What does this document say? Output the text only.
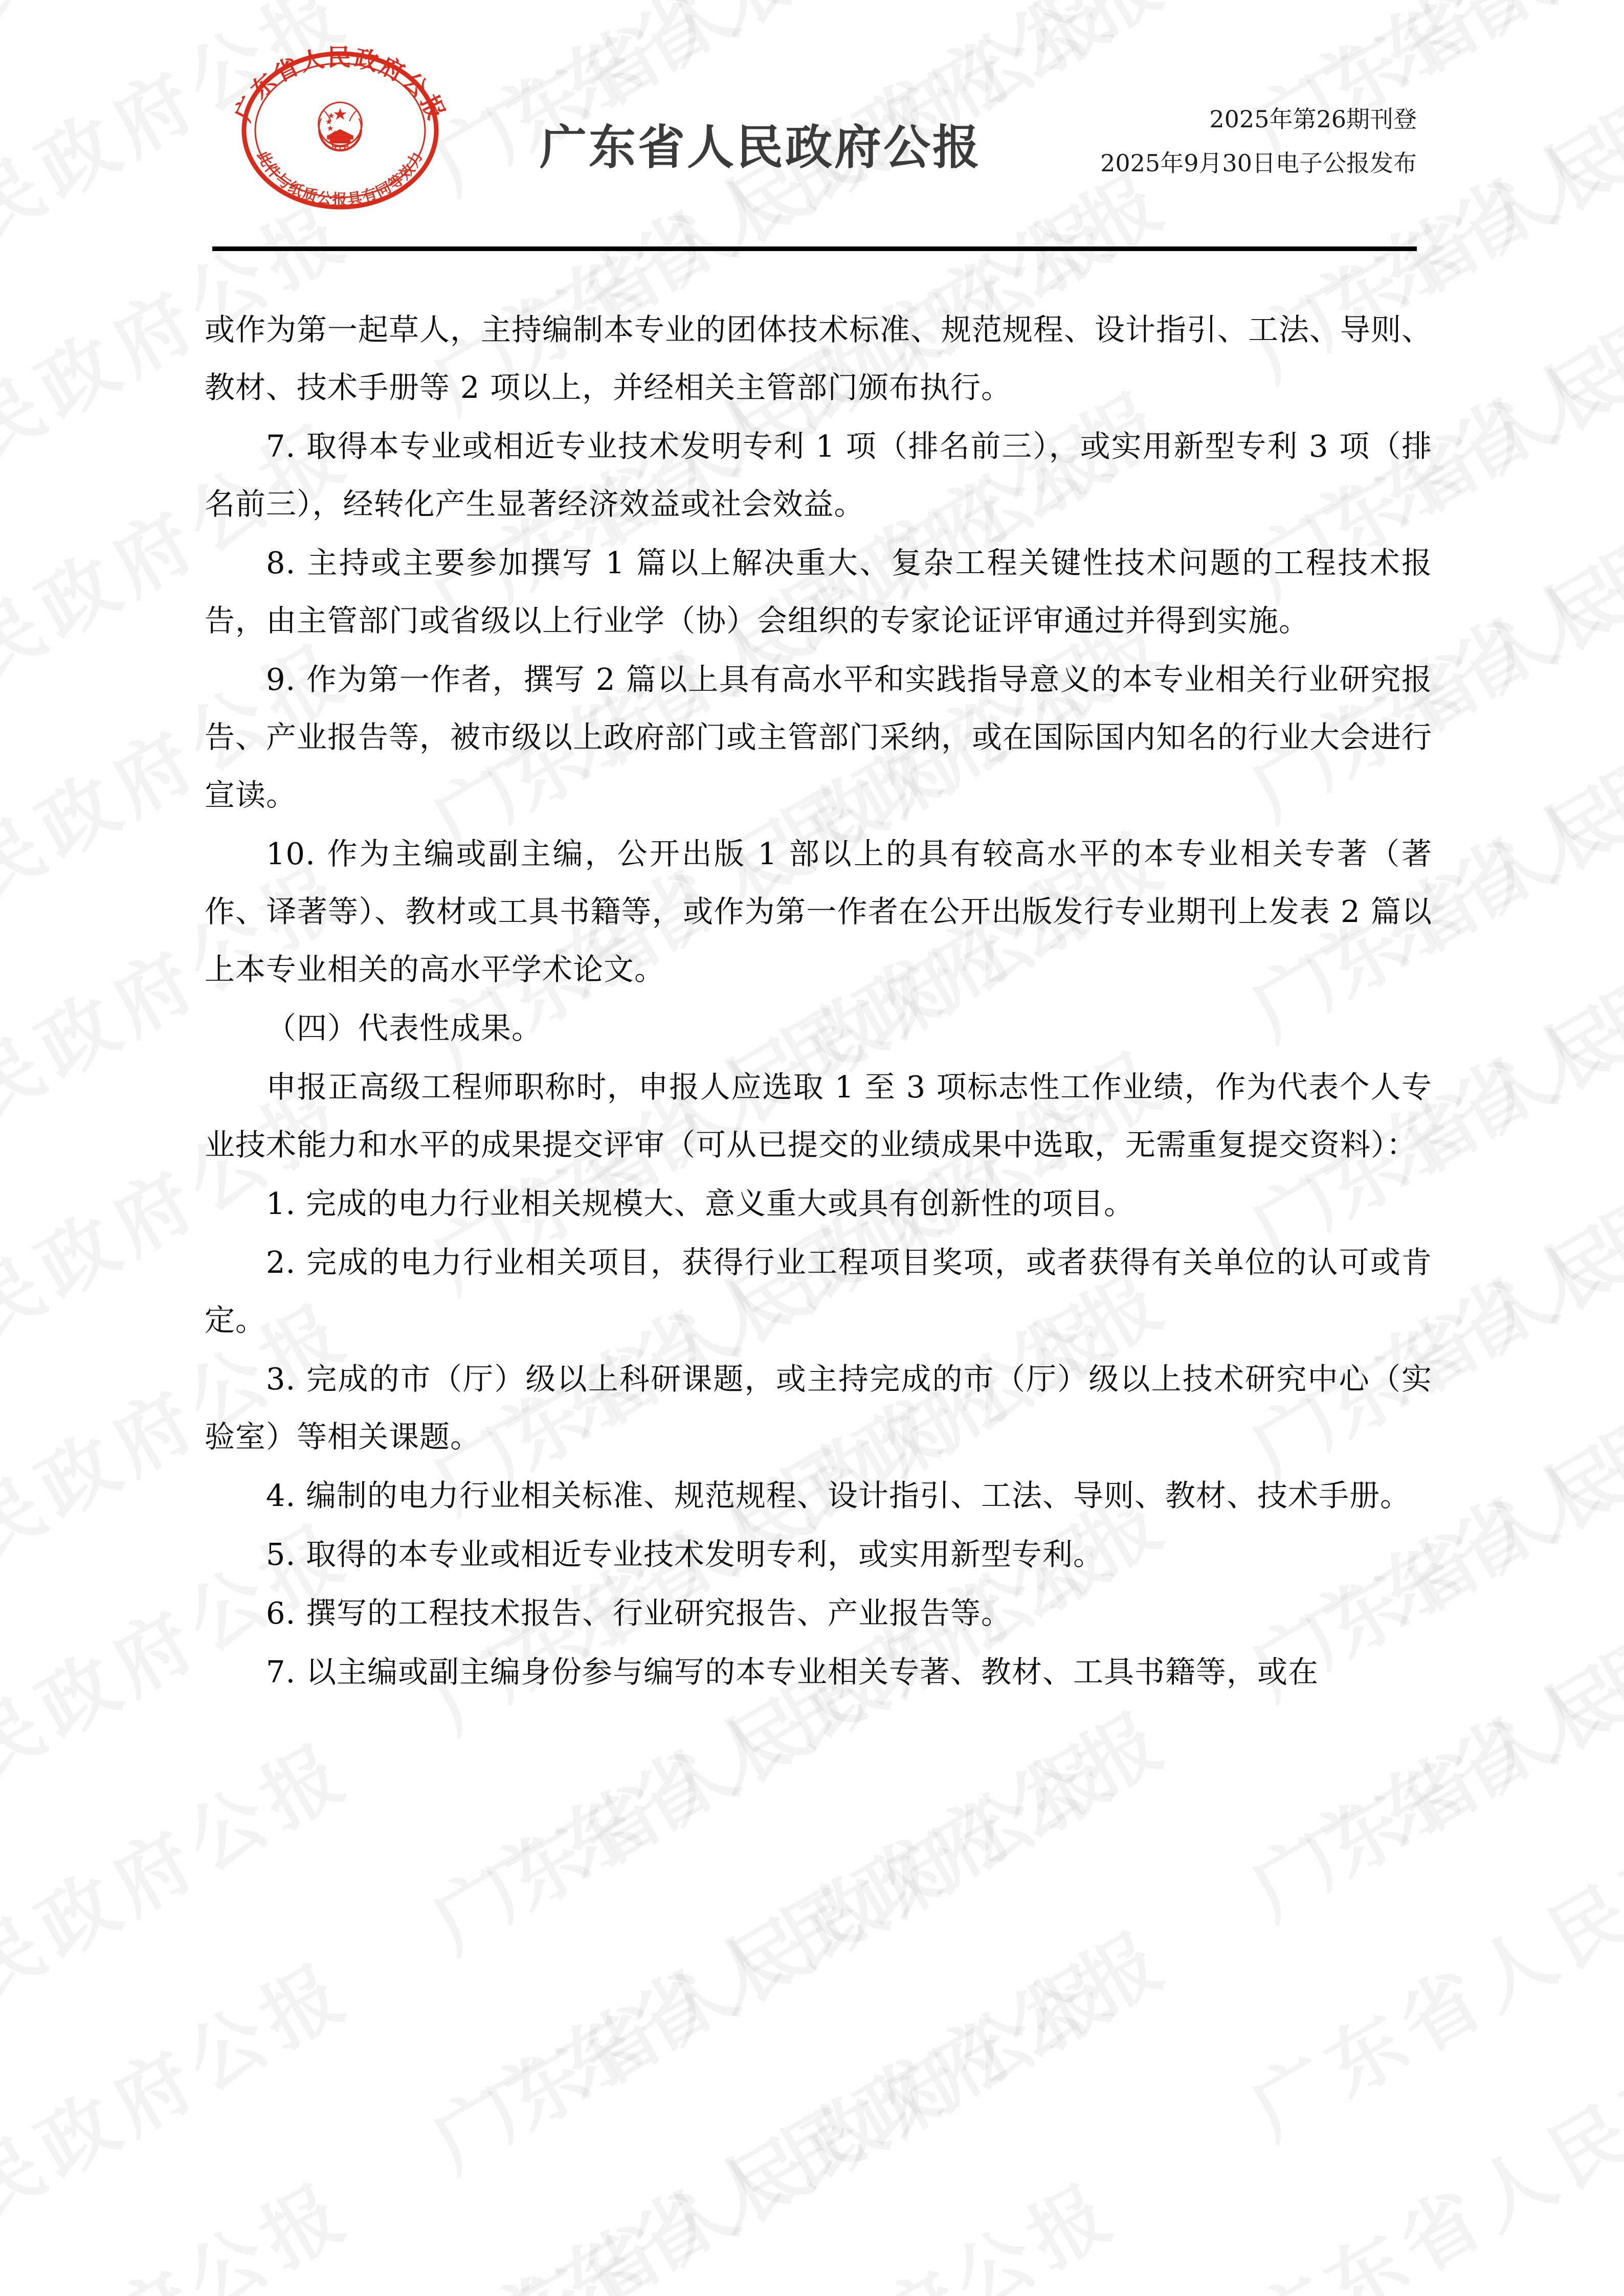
广东省人民政府公报
此件与纸质公报具有同等效力 广东省人民政府公报
2025年第26期刊登
2025年9月30日电子公报发布

或作为第一起草人，主持编制本专业的团体技术标准、规范规程、设计指引、工法、导则、教材、技术手册等 2 项以上，并经相关主管部门颁布执行。

7. 取得本专业或相近专业技术发明专利 1 项（排名前三），或实用新型专利 3 项（排名前三），经转化产生显著经济效益或社会效益。

8. 主持或主要参加撰写 1 篇以上解决重大、复杂工程关键性技术问题的工程技术报告，由主管部门或省级以上行业学（协）会组织的专家论证评审通过并得到实施。

9. 作为第一作者，撰写 2 篇以上具有高水平和实践指导意义的本专业相关行业研究报告、产业报告等，被市级以上政府部门或主管部门采纳，或在国际国内知名的行业大会进行宣读。

10. 作为主编或副主编，公开出版 1 部以上的具有较高水平的本专业相关专著（著作、译著等）、教材或工具书籍等，或作为第一作者在公开出版发行专业期刊上发表 2 篇以上本专业相关的高水平学术论文。

（四）代表性成果。

申报正高级工程师职称时，申报人应选取 1 至 3 项标志性工作业绩，作为代表个人专业技术能力和水平的成果提交评审（可从已提交的业绩成果中选取，无需重复提交资料）：

1. 完成的电力行业相关规模大、意义重大或具有创新性的项目。

2. 完成的电力行业相关项目，获得行业工程项目奖项，或者获得有关单位的认可或肯定。

3. 完成的市（厅）级以上科研课题，或主持完成的市（厅）级以上技术研究中心（实验室）等相关课题。

4. 编制的电力行业相关标准、规范规程、设计指引、工法、导则、教材、技术手册。

5. 取得的本专业或相近专业技术发明专利，或实用新型专利。

6. 撰写的工程技术报告、行业研究报告、产业报告等。

7. 以主编或副主编身份参与编写的本专业相关专著、教材、工具书籍等，或在
